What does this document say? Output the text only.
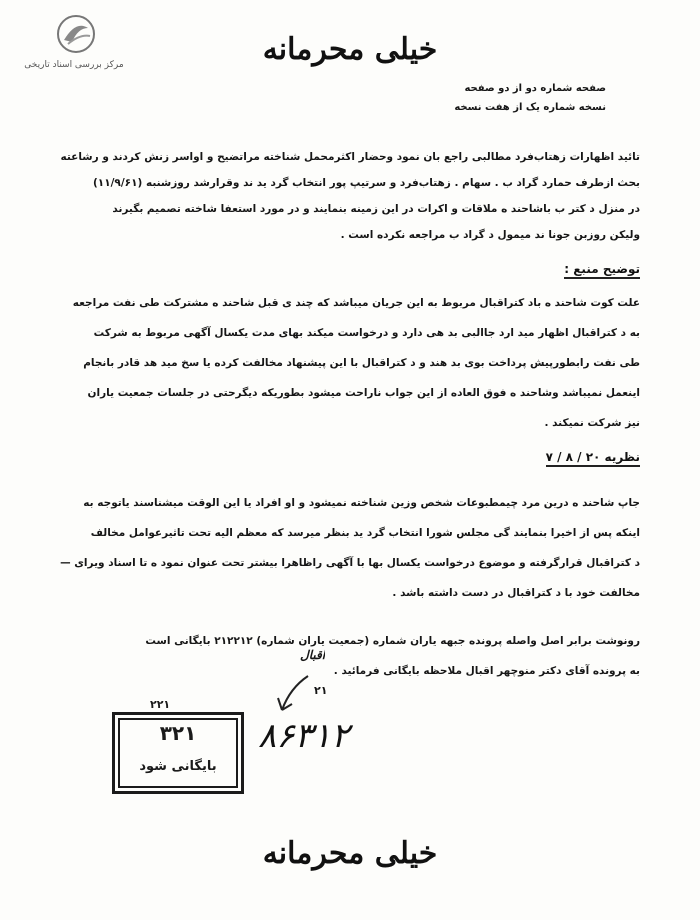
مرکز بررسی اسناد تاریخی	خیلی محرمانه
صفحه شماره دو از دو صفحه
نسخه شماره یک از هفت نسخه
تائید اظهارات زهتاب‌فرد مطالبی راجع بان نمود وحضار اکثرمحمل شناخته مراتضیح و اواسر زنش کردند و رشاعته
بحث ازطرف حمارد گراد ب . سهام . زهتاب‌فرد و سرتیپ پور انتخاب گرد ید ند وقرارشد روزشنبه (۱۱/۹/۶۱)
در منزل د کتر ب باشاحند ه ملاقات و اکرات در این زمینه بنمایند و در مورد استعفا شاخته تصمیم بگیرند
ولیکن روزبن جونا ند میمول د گراد ب مراجعه نکرده است .
توضیح منبع :
علت کوت شاحند ه باد کتراقبال مربوط به این جریان میباشد که چند ی قبل شاحند ه مشترکت طی نفت مراجعه
به د کتراقبال اظهار مید ارد جاالبی بد هی دارد و درخواست میکند بهای مدت یکسال آگهی مربوط به شرکت
طی نفت رابطورپیش پرداخت بوی بد هند و د کتراقبال با این پیشنهاد مخالفت کرده یا سخ مید هد قادر بانجام
اینعمل نمیباشد وشاحند ه فوق العاده از این جواب ناراحت میشود بطوریکه دیگرحتی در جلسات جمعیت یاران
نیز شرکت نمیکند .
نظریه ۲۰ / ۸ / ۷
جاپ شاحند ه درین مرد چیمطبوعات شخص وزین شناخته نمیشود و او افراد یا این الوقت میشناسند یاتوجه به
اینکه پس از اخیرا بنمایند گی مجلس شورا انتخاب گرد ید بنظر میرسد که معظم الیه تحت تاثیرعوامل مخالف
د کتراقبال قرارگرفته و موضوع درخواست یکسال بها با آگهی راظاهرا بیشتر تحت عنوان نمود ه تا اسناد ویرای —
مخالفت خود با د کتراقبال در دست داشته باشد .
رونوشت برابر اصل واصله پرونده جبهه یاران شماره (جمعیت یاران شماره) ۲۱۲۲۱۲ بایگانی است
به پرونده آقای دکتر منوچهر اقبال ملاحظه بایگانی فرمائید .
اقبال
۲۱
۲۲۱
۳۲۱
بایگانی شود
۸۶۳۱۲
خیلی محرمانه
